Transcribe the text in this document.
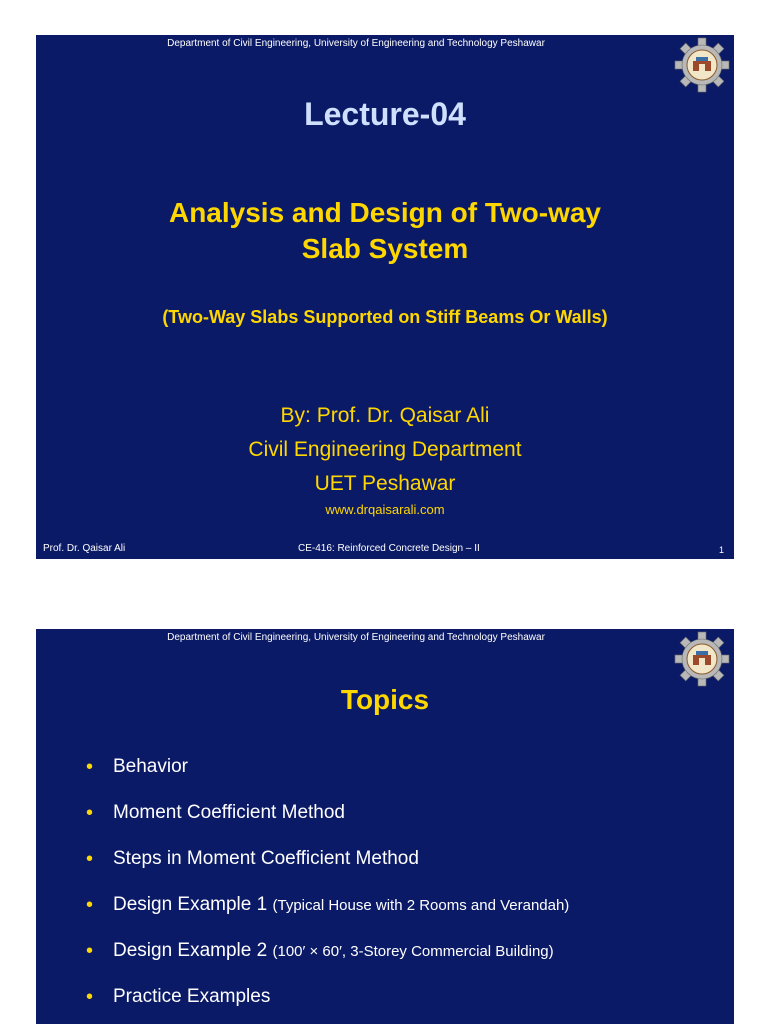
Department of Civil Engineering, University of Engineering and Technology Peshawar
Lecture-04
Analysis and Design of Two-way
Slab System
(Two-Way Slabs Supported on Stiff Beams Or Walls)
By: Prof. Dr. Qaisar Ali
Civil Engineering Department
UET Peshawar
www.drqaisarali.com
Prof. Dr. Qaisar Ali	CE-416: Reinforced Concrete Design – II	1
Department of Civil Engineering, University of Engineering and Technology Peshawar
Topics
• Behavior
• Moment Coefficient Method
• Steps in Moment Coefficient Method
• Design Example 1 (Typical House with 2 Rooms and Verandah)
• Design Example 2 (100′ × 60′, 3-Storey Commercial Building)
• Practice Examples
